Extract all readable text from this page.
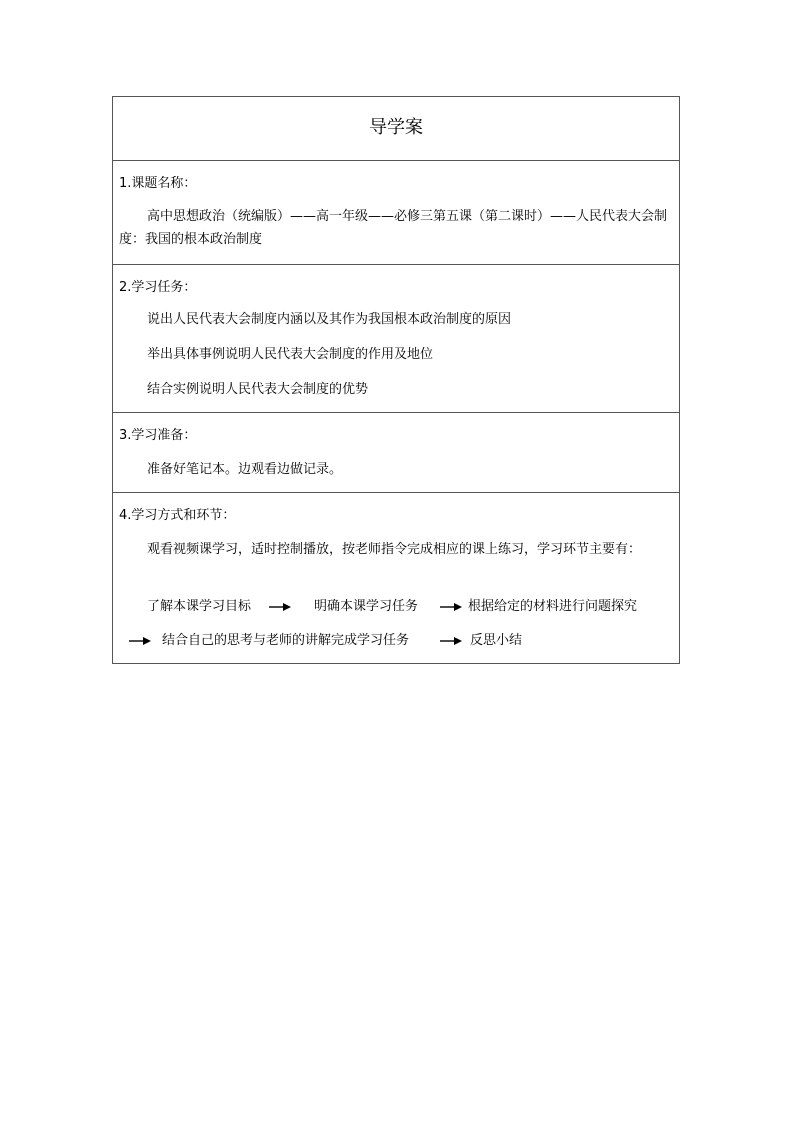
导学案
1.课题名称：
高中思想政治（统编版）——高一年级——必修三第五课（第二课时）——人民代表大会制度：我国的根本政治制度
2.学习任务：
说出人民代表大会制度内涵以及其作为我国根本政治制度的原因
举出具体事例说明人民代表大会制度的作用及地位
结合实例说明人民代表大会制度的优势
3.学习准备：
准备好笔记本。边观看边做记录。
4.学习方式和环节：
观看视频课学习，适时控制播放，按老师指令完成相应的课上练习，学习环节主要有：
了解本课学习目标	明确本课学习任务	根据给定的材料进行问题探究
结合自己的思考与老师的讲解完成学习任务	反思小结
